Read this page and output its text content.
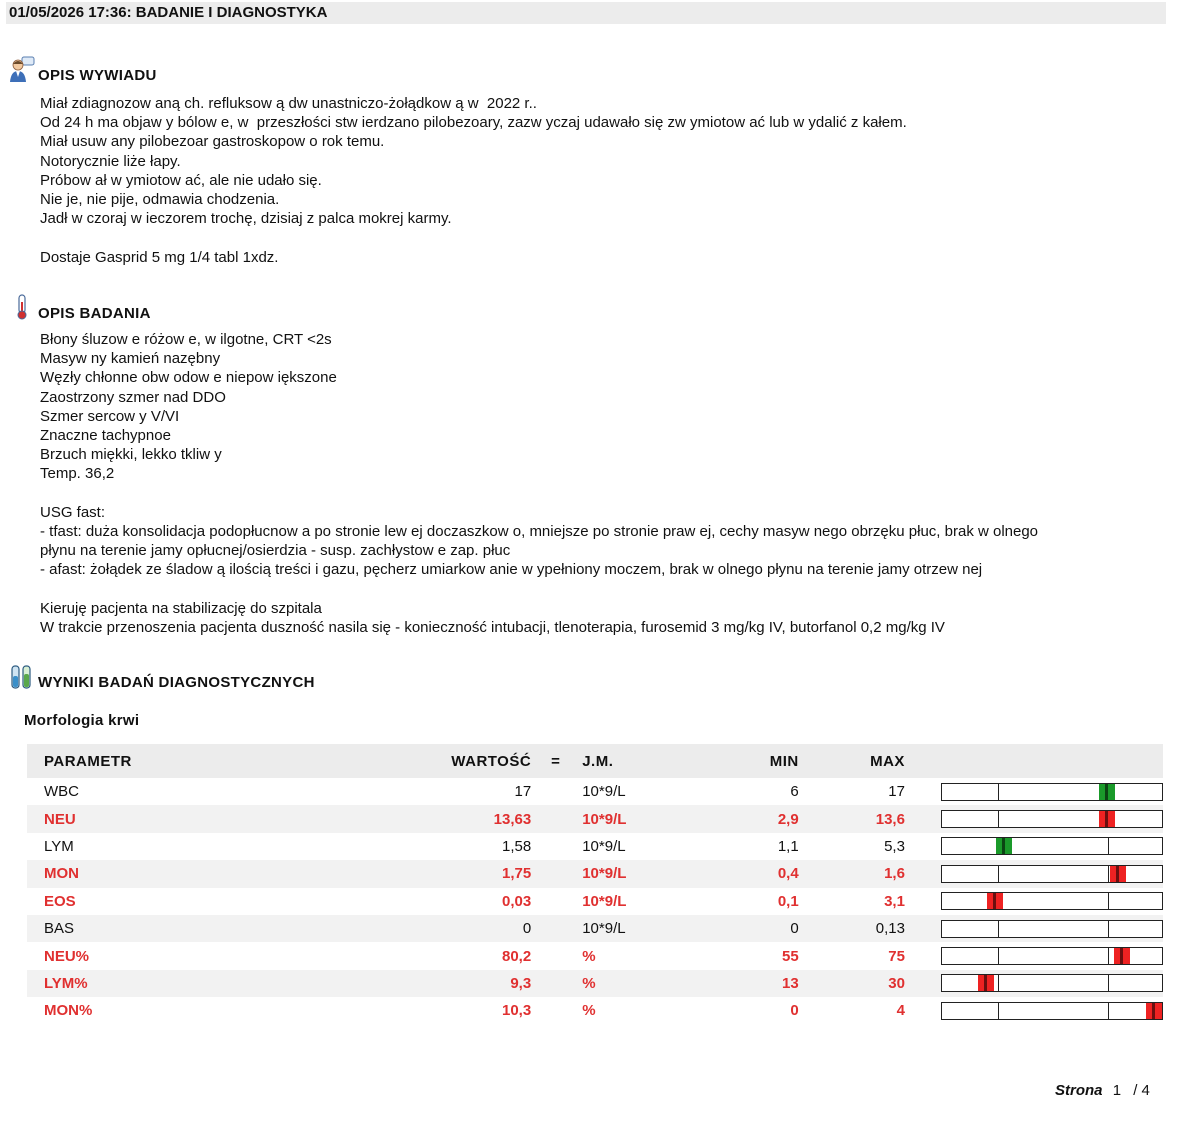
01/05/2026 17:36: BADANIE I DIAGNOSTYKA
OPIS WYWIADU
Miał zdiagnozow aną ch. refluksow ą dw unastniczo-żołądkow ą w  2022 r..
Od 24 h ma objaw y bólow e, w  przeszłości stw ierdzano pilobezoary, zazw yczaj udawało się zw ymiotow ać lub w ydalić z kałem.
Miał usuw any pilobezoar gastroskopow o rok temu.
Notorycznie liże łapy.
Próbow ał w ymiotow ać, ale nie udało się.
Nie je, nie pije, odmawia chodzenia.
Jadł w czoraj w ieczorem trochę, dzisiaj z palca mokrej karmy.
Dostaje Gasprid 5 mg 1/4 tabl 1xdz.
OPIS BADANIA
Błony śluzow e różow e, w ilgotne, CRT <2s
Masyw ny kamień nazębny
Węzły chłonne obw odow e niepow iększone
Zaostrzony szmer nad DDO
Szmer sercow y V/VI
Znaczne tachypnoe
Brzuch miękki, lekko tkliw y
Temp. 36,2
USG fast:
- tfast: duża konsolidacja podopłucnow a po stronie lew ej doczaszkow o, mniejsze po stronie praw ej, cechy masyw nego obrzęku płuc, brak w olnego
płynu na terenie jamy opłucnej/osierdzia - susp. zachłystow e zap. płuc
- afast: żołądek ze śladow ą ilością treści i gazu, pęcherz umiarkow anie w ypełniony moczem, brak w olnego płynu na terenie jamy otrzew nej
Kieruję pacjenta na stabilizację do szpitala
W trakcie przenoszenia pacjenta duszność nasila się - konieczność intubacji, tlenoterapia, furosemid 3 mg/kg IV, butorfanol 0,2 mg/kg IV
WYNIKI BADAŃ DIAGNOSTYCZNYCH
Morfologia krwi
PARAMETR	WARTOŚĆ	=	J.M.	MIN	MAX	
WBC	17		10*9/L	6	17	

NEU	13,63		10*9/L	2,9	13,6	

LYM	1,58		10*9/L	1,1	5,3	

MON	1,75		10*9/L	0,4	1,6	

EOS	0,03		10*9/L	0,1	3,1	

BAS	0		10*9/L	0	0,13	

NEU%	80,2		%	55	75	

LYM%	9,3		%	13	30	

MON%	10,3		%	0	4	
Strona 1 / 4
